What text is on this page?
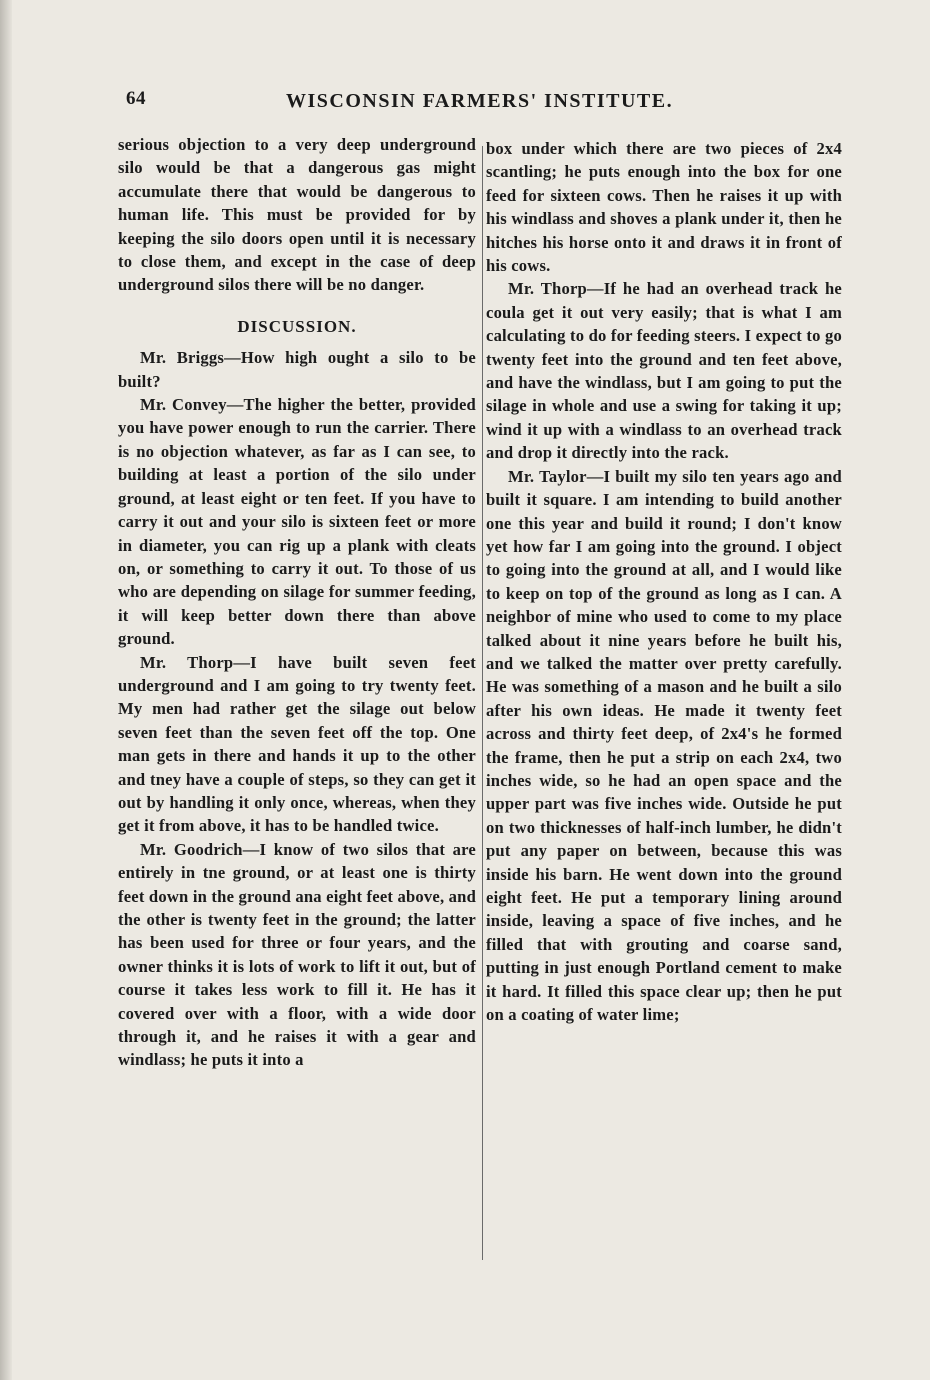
64	WISCONSIN FARMERS' INSTITUTE.

serious objection to a very deep underground silo would be that a dangerous gas might accumulate there that would be dangerous to human life. This must be provided for by keeping the silo doors open until it is necessary to close them, and except in the case of deep underground silos there will be no danger.

DISCUSSION.

Mr. Briggs—How high ought a silo to be built?

Mr. Convey—The higher the better, provided you have power enough to run the carrier. There is no objection whatever, as far as I can see, to building at least a portion of the silo under ground, at least eight or ten feet. If you have to carry it out and your silo is sixteen feet or more in diameter, you can rig up a plank with cleats on, or something to carry it out. To those of us who are depending on silage for summer feeding, it will keep better down there than above ground.

Mr. Thorp—I have built seven feet underground and I am going to try twenty feet. My men had rather get the silage out below seven feet than the seven feet off the top. One man gets in there and hands it up to the other and tney have a couple of steps, so they can get it out by handling it only once, whereas, when they get it from above, it has to be handled twice.

Mr. Goodrich—I know of two silos that are entirely in tne ground, or at least one is thirty feet down in the ground ana eight feet above, and the other is twenty feet in the ground; the latter has been used for three or four years, and the owner thinks it is lots of work to lift it out, but of course it takes less work to fill it. He has it covered over with a floor, with a wide door through it, and he raises it with a gear and windlass; he puts it into a

box under which there are two pieces of 2x4 scantling; he puts enough into the box for one feed for sixteen cows. Then he raises it up with his windlass and shoves a plank under it, then he hitches his horse onto it and draws it in front of his cows.

Mr. Thorp—If he had an overhead track he coula get it out very easily; that is what I am calculating to do for feeding steers. I expect to go twenty feet into the ground and ten feet above, and have the windlass, but I am going to put the silage in whole and use a swing for taking it up; wind it up with a windlass to an overhead track and drop it directly into the rack.

Mr. Taylor—I built my silo ten years ago and built it square. I am intending to build another one this year and build it round; I don't know yet how far I am going into the ground. I object to going into the ground at all, and I would like to keep on top of the ground as long as I can. A neighbor of mine who used to come to my place talked about it nine years before he built his, and we talked the matter over pretty carefully. He was something of a mason and he built a silo after his own ideas. He made it twenty feet across and thirty feet deep, of 2x4's he formed the frame, then he put a strip on each 2x4, two inches wide, so he had an open space and the upper part was five inches wide. Outside he put on two thicknesses of half-inch lumber, he didn't put any paper on between, because this was inside his barn. He went down into the ground eight feet. He put a temporary lining around inside, leaving a space of five inches, and he filled that with grouting and coarse sand, putting in just enough Portland cement to make it hard. It filled this space clear up; then he put on a coating of water lime;
